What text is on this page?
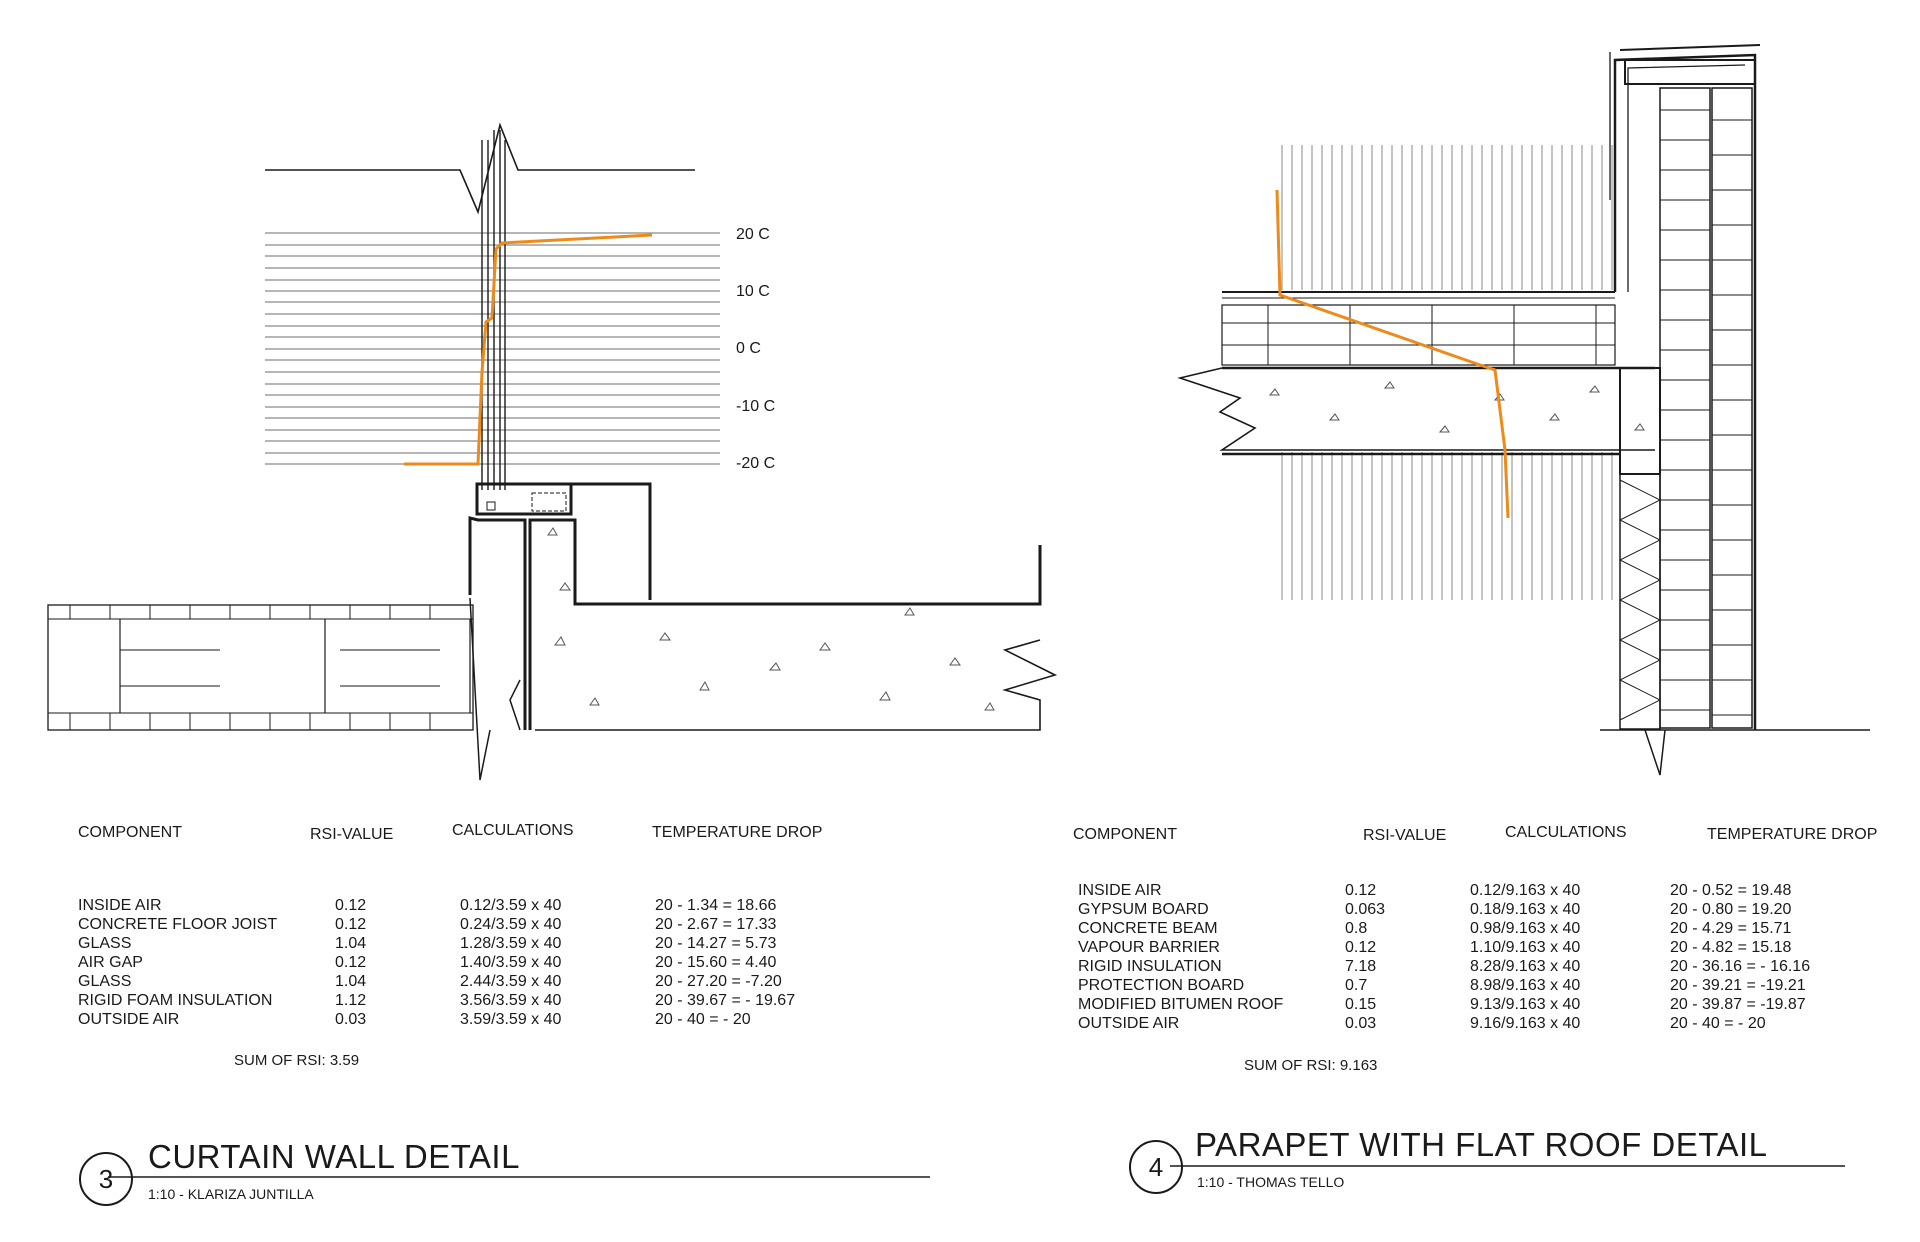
20 C
10 C
0 C
-10 C
-20 C
COMPONENT	RSI-VALUE	CALCULATIONS	TEMPERATURE DROP
INSIDE AIR	0.12	0.12/3.59 x 40	20 - 1.34 = 18.66
CONCRETE FLOOR JOIST	0.12	0.24/3.59 x 40	20 - 2.67 = 17.33
GLASS	1.04	1.28/3.59 x 40	20 - 14.27 = 5.73
AIR GAP	0.12	1.40/3.59 x 40	20 - 15.60 = 4.40
GLASS	1.04	2.44/3.59 x 40	20 - 27.20 = -7.20
RIGID FOAM INSULATION	1.12	3.56/3.59 x 40	20 - 39.67 = - 19.67
OUTSIDE AIR	0.03	3.59/3.59 x 40	20 - 40 = - 20
SUM OF RSI: 3.59
3
CURTAIN WALL DETAIL
1:10 - KLARIZA JUNTILLA
COMPONENT	RSI-VALUE	CALCULATIONS	TEMPERATURE DROP
INSIDE AIR	0.12	0.12/9.163 x 40	20 - 0.52 = 19.48
GYPSUM BOARD	0.063	0.18/9.163 x 40	20 - 0.80 = 19.20
CONCRETE BEAM	0.8	0.98/9.163 x 40	20 - 4.29 = 15.71
VAPOUR BARRIER	0.12	1.10/9.163 x 40	20 - 4.82 = 15.18
RIGID INSULATION	7.18	8.28/9.163 x 40	20 - 36.16 = - 16.16
PROTECTION BOARD	0.7	8.98/9.163 x 40	20 - 39.21 = -19.21
MODIFIED BITUMEN ROOF	0.15	9.13/9.163 x 40	20 - 39.87 = -19.87
OUTSIDE AIR	0.03	9.16/9.163 x 40	20 - 40 = - 20
SUM OF RSI: 9.163
4
PARAPET WITH FLAT ROOF DETAIL
1:10 - THOMAS TELLO
